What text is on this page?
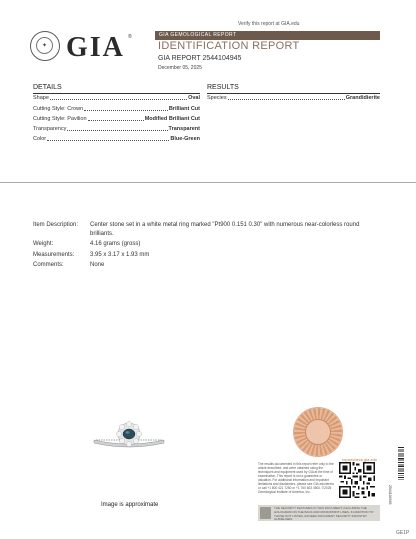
Verify this report at GIA.edu
✦ GIA ®	GIA GEMOLOGICAL REPORT
IDENTIFICATION REPORT
GIA REPORT 2544104945
December 05, 2025
DETAILS
Shape	Oval
Cutting Style: Crown	Brilliant Cut
Cutting Style: Pavilion	Modified Brilliant Cut
Transparency	Transparent
Color	Blue-Green
RESULTS
Species	Grandidierite
Item Description: Center stone set in a white metal ring marked "Pt900 0.151 0.30" with numerous near-colorless round
brilliants.
Weight:	4.16 grams (gross)
Measurements:	3.95 x 3.17 x 1.93 mm
Comments:	None
Image is approximate
reportcheck.gia.edu
The results documented in this report refer only to the article described, and were obtained using the techniques and equipment used by GIA at the time of examination. This report is not a guarantee or valuation. For additional information and important limitations and disclaimers, please see GIA.edu/terms or call +1 800 421 7250 or +1 760 603 4500. ©2025 Gemological Institute of America, Inc.	2544104945
THE SECURITY FEATURES IN THIS DOCUMENT, INCLUDING THE HOLOGRAM ON THE BACK AND MICROPRINT LINES, IN ADDITION TO THOSE NOT LISTED, EXCEED DOCUMENT SECURITY INDUSTRY GUIDELINES.
GE1P
